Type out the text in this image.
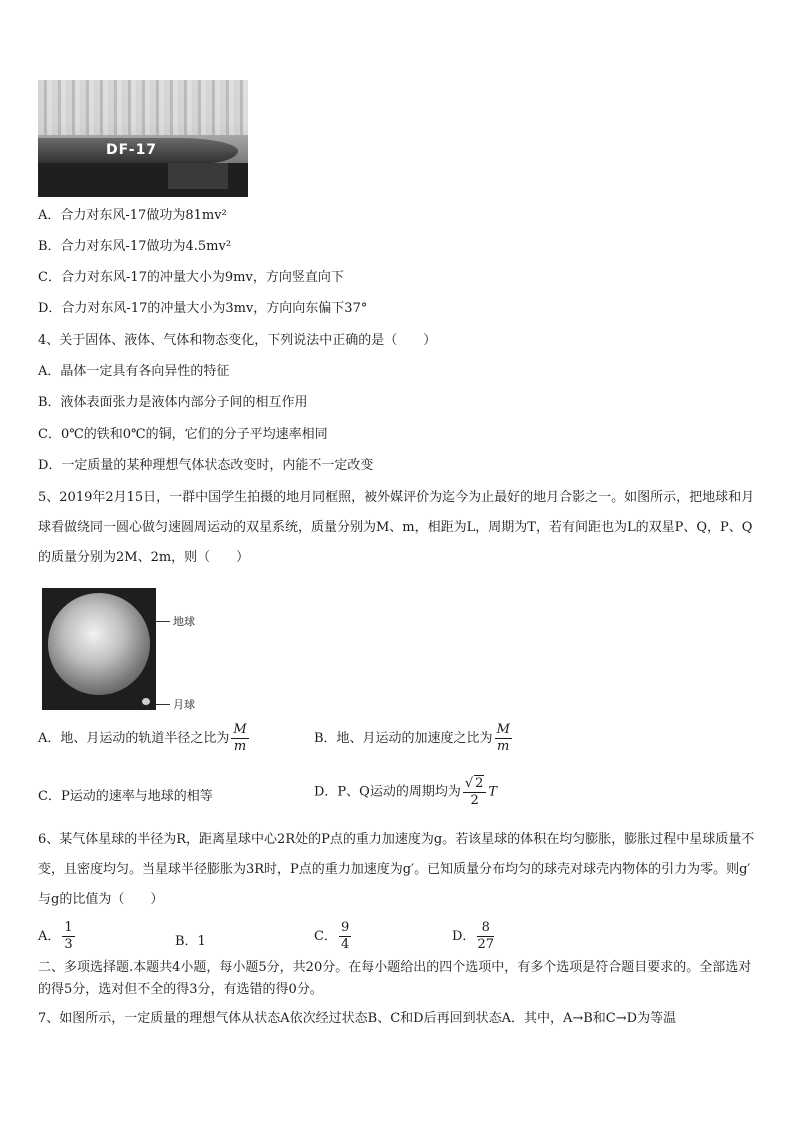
DF-17
A．合力对东风-17做功为81mv²
B．合力对东风-17做功为4.5mv²
C．合力对东风-17的冲量大小为9mv，方向竖直向下
D．合力对东风-17的冲量大小为3mv，方向向东偏下37°
4、关于固体、液体、气体和物态变化，下列说法中正确的是（　　）
A．晶体一定具有各向异性的特征
B．液体表面张力是液体内部分子间的相互作用
C．0℃的铁和0℃的铜，它们的分子平均速率相同
D．一定质量的某种理想气体状态改变时，内能不一定改变
5、2019年2月15日，一群中国学生拍摄的地月同框照，被外媒评价为迄今为止最好的地月合影之一。如图所示，把地球和月球看做绕同一圆心做匀速圆周运动的双星系统，质量分别为M、m，相距为L，周期为T，若有间距也为L的双星P、Q，P、Q的质量分别为2M、2m，则（　　）
地球
月球
A．地、月运动的轨道半径之比为 $\frac{M}{m}$	B．地、月运动的加速度之比为 $\frac{M}{m}$
C．P运动的速率与地球的相等	D．P、Q运动的周期均为 $\frac{√ 2}{2}$ T
6、某气体星球的半径为R，距离星球中心2R处的P点的重力加速度为g。若该星球的体积在均匀膨胀，膨胀过程中星球质量不变，且密度均匀。当星球半径膨胀为3R时，P点的重力加速度为g′。已知质量分布均匀的球壳对球壳内物体的引力为零。则g′与g的比值为（　　）
A． $\frac{1}{3}$	B．1	C． $\frac{9}{4}$	D． $\frac{8}{27}$
二、多项选择题.本题共4小题，每小题5分，共20分。在每小题给出的四个选项中，有多个选项是符合题目要求的。全部选对的得5分，选对但不全的得3分，有选错的得0分。
7、如图所示，一定质量的理想气体从状态A依次经过状态B、C和D后再回到状态A．其中，A→B和C→D为等温
